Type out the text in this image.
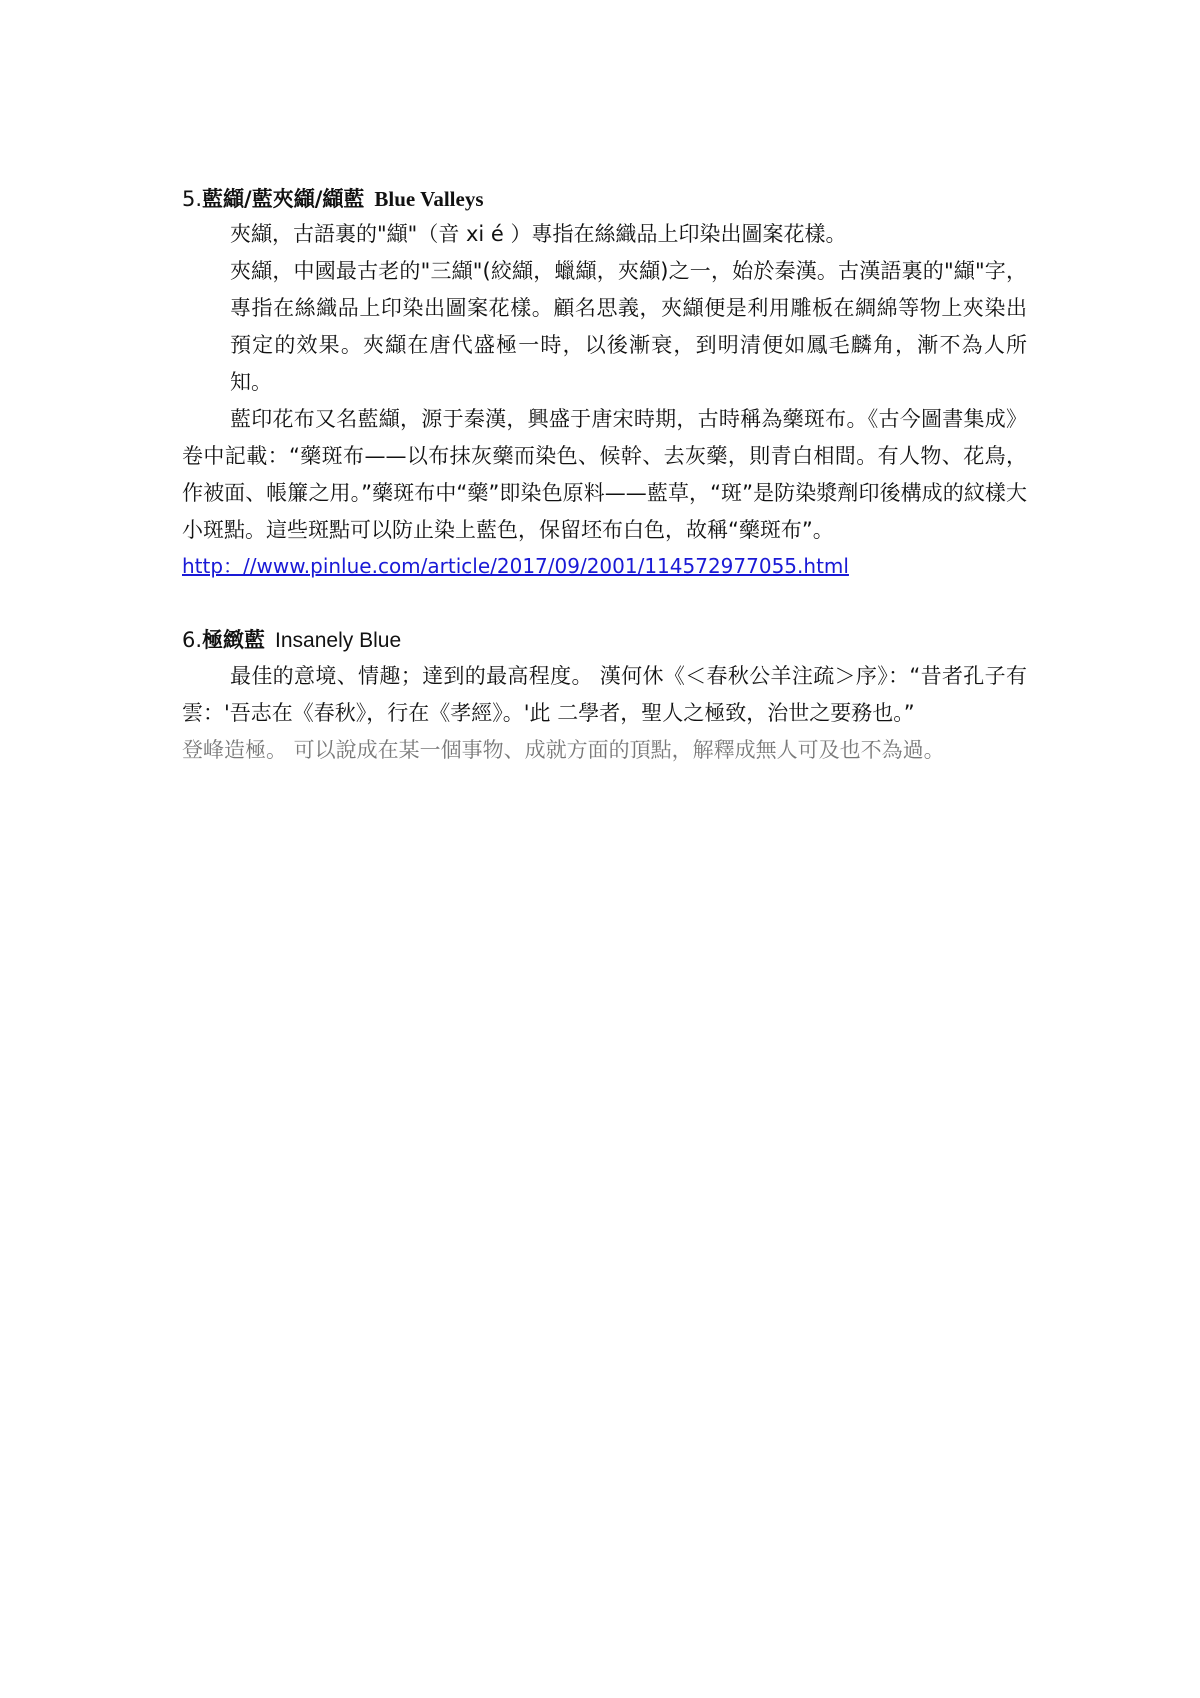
5.藍纈/藍夾纈/纈藍 Blue Valleys

夾纈，古語裏的"纈"（音 xi é ）專指在絲織品上印染出圖案花樣。

夾纈，中國最古老的"三纈"(絞纈，蠟纈，夾纈)之一，始於秦漢。古漢語裏的"纈"字，專指在絲織品上印染出圖案花樣。顧名思義，夾纈便是利用雕板在綢綿等物上夾染出預定的效果。夾纈在唐代盛極一時，以後漸衰，到明清便如鳳毛麟角，漸不為人所知。

藍印花布又名藍纈，源于秦漢，興盛于唐宋時期，古時稱為藥斑布。《古今圖書集成》卷中記載：“藥斑布——以布抹灰藥而染色、候幹、去灰藥，則青白相間。有人物、花鳥，作被面、帳簾之用。”藥斑布中“藥”即染色原料——藍草，“斑”是防染漿劑印後構成的紋樣大小斑點。這些斑點可以防止染上藍色，保留坯布白色，故稱“藥斑布”。

http：//www.pinlue.com/article/2017/09/2001/114572977055.html
6.極緻藍 Insanely Blue

最佳的意境、情趣；達到的最高程度。 漢何休《＜春秋公羊注疏＞序》：“昔者孔子有雲：'吾志在《春秋》，行在《孝經》。'此 二學者，聖人之極致，治世之要務也。”

登峰造極。 可以說成在某一個事物、成就方面的頂點，解釋成無人可及也不為過。
